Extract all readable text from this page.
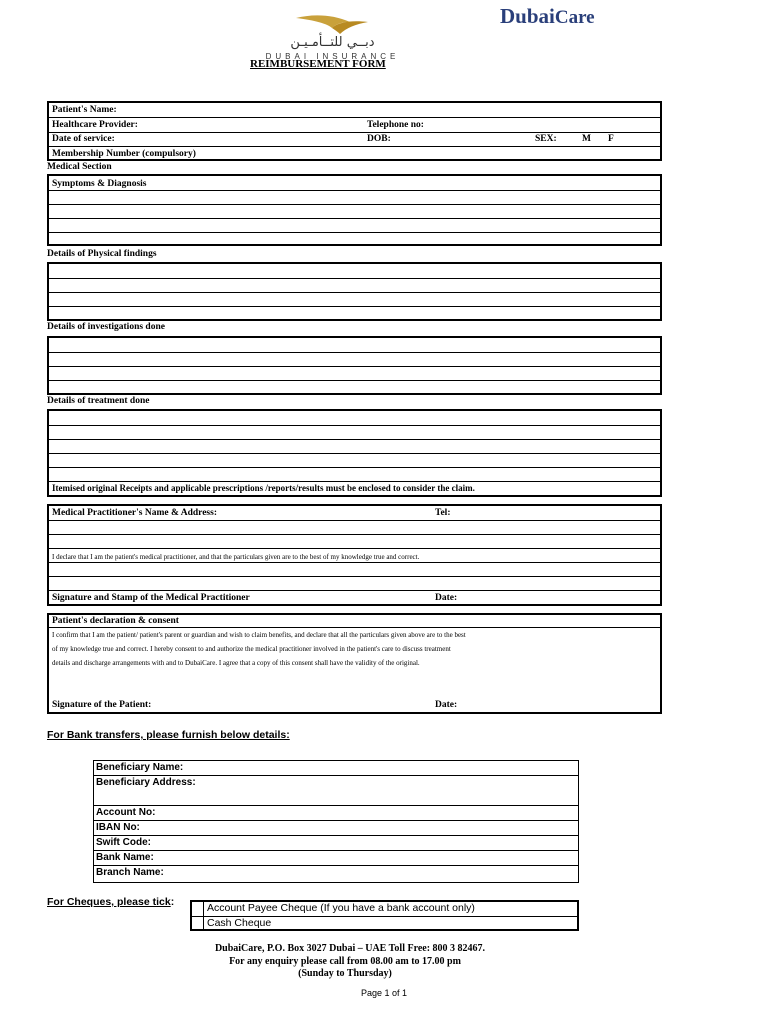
دبــي للتــأمـيـن
DUBAI INSURANCE
DubaiCare
REIMBURSEMENT FORM
Patient's Name:
Healthcare Provider:	Telephone no:
Date of service:	DOB:	SEX:	M F
Membership Number (compulsory)
Medical Section
Symptoms & Diagnosis
Details of Physical findings
Details of investigations done
Details of treatment done
Itemised original Receipts and applicable prescriptions /reports/results must be enclosed to consider the claim.
Medical Practitioner's Name & Address:	Tel:
I declare that I am the patient's medical practitioner, and that the particulars given are to the best of my knowledge true and correct.
Signature and Stamp of the Medical Practitioner	Date:
Patient's declaration & consent
I confirm that I am the patient/ patient's parent or guardian and wish to claim benefits, and declare that all the particulars given above are to the best
of my knowledge true and correct. I hereby consent to and authorize the medical practitioner involved in the patient's care to discuss treatment
details and discharge arrangements with and to DubaiCare. I agree that a copy of this consent shall have the validity of the original.
Signature of the Patient:	Date:
For Bank transfers, please furnish below details:
Beneficiary Name:
Beneficiary Address:
Account No:
IBAN No:
Swift Code:
Bank Name:
Branch Name:
For Cheques, please tick:	Account Payee Cheque (If you have a bank account only)
Cash Cheque
DubaiCare, P.O. Box 3027 Dubai – UAE Toll Free: 800 3 82467.
For any enquiry please call from 08.00 am to 17.00 pm
(Sunday to Thursday)
Page 1 of 1
